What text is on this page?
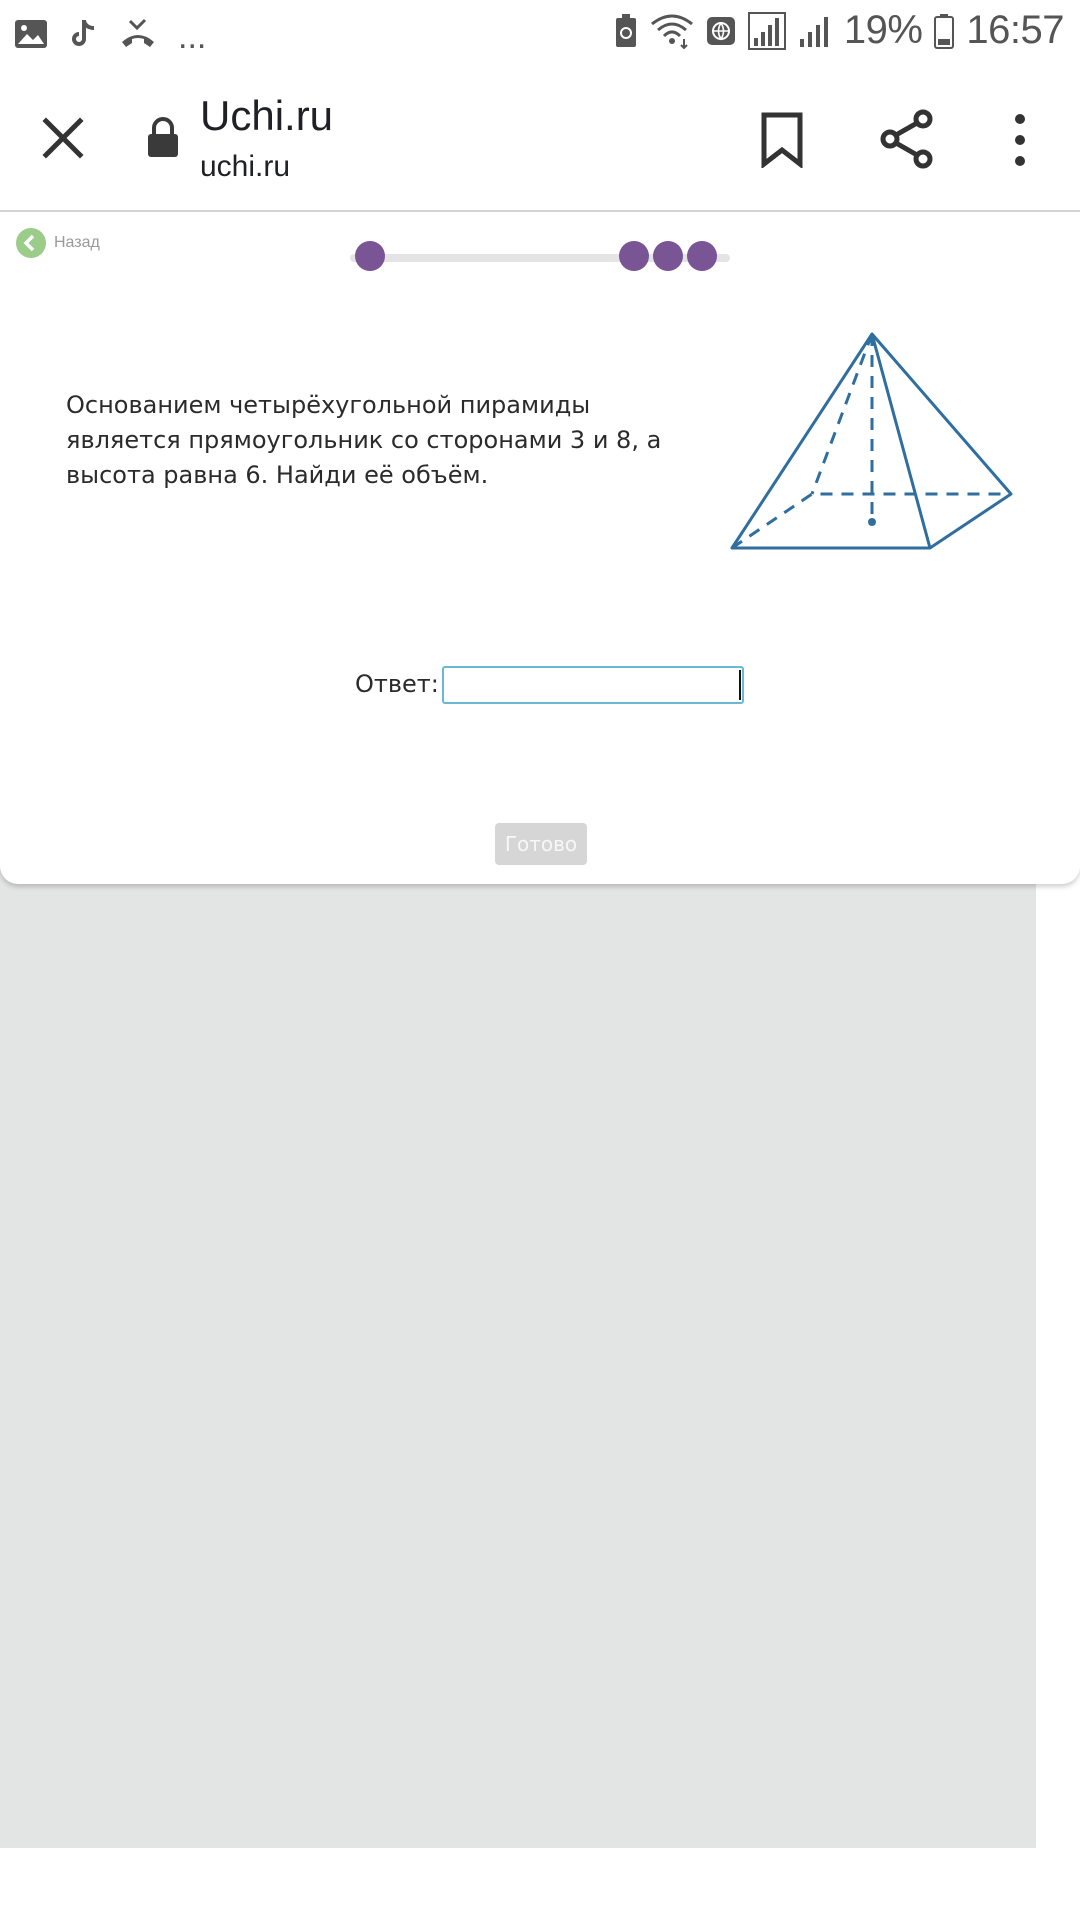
...	19% 16:57
Uchi.ru
uchi.ru
Назад
Основанием четырёхугольной пирамиды является прямоугольник со сторонами 3 и 8, а высота равна 6. Найди её объём.
Ответ:
Готово
